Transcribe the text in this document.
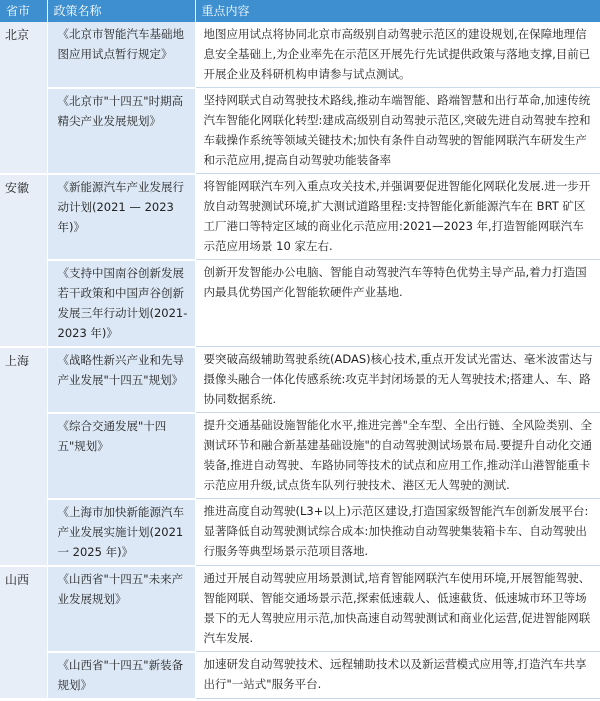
省市	政策名称	重点内容
北京	《北京市智能汽车基础地图应用试点暂行规定》	地图应用试点将协同北京市高级别自动驾驶示范区的建设规划,在保障地理信息安全基础上,为企业率先在示范区开展先行先试提供政策与落地支撑,目前已开展企业及科研机构申请参与试点测试。
	《北京市"十四五"时期高精尖产业发展规划》	坚持网联式自动驾驶技术路线,推动车端智能、路端智慧和出行革命,加速传统汽车智能化网联化转型:建成高级别自动驾驶示范区,突破先进自动驾驶车控和车载操作系统等领域关键技术;加快有条件自动驾驶的智能网联汽车研发生产和示范应用,提高自动驾驶功能装备率
安徽	《新能源汽车产业发展行动计划(2021 — 2023 年)》	将智能网联汽车列入重点攻关技术,并强调要促进智能化网联化发展.进一步开放自动驾驶测试环境,扩大测试道路里程:支持智能化新能源汽车在 BRT 矿区工厂港口等特定区域的商业化示范应用:2021—2023 年,打造智能网联汽车示范应用场景 10 家左右.
	《支持中国南谷创新发展若干政策和中国声谷创新发展三年行动计划(2021-2023 年)》	创新开发智能办公电脑、智能自动驾驶汽车等特色优势主导产品,着力打造国内最具优势国产化智能软硬件产业基地.
上海	《战略性新兴产业和先导产业发展"十四五"规划》	要突破高级辅助驾驶系统(ADAS)核心技术,重点开发试光雷达、毫米波雷达与摄像头融合一体化传感系统:攻克半封闭场景的无人驾驶技术;搭建人、车、路协同数据系统.
	《综合交通发展"十四五"规划》	提升交通基础设施智能化水平,推进完善"全车型、全出行链、全风险类别、全测试环节和融合新基建基础设施"的自动驾驶测试场景布局.要提升自动化交通装备,推进自动驾驶、车路协同等技术的试点和应用工作,推动洋山港智能重卡示范应用升级,试点货车队列行驶技术、港区无人驾驶的测试.
	《上海市加快新能源汽车产业发展实施计划(2021 一 2025 年)》	推进高度自动驾驶(L3+以上)示范区建设,打造国家级智能汽车创新发展平台:显著降低自动驾驶测试综合成本:加快推动自动驾驶集装箱卡车、自动驾驶出行服务等典型场景示范项目落地.
山西	《山西省"十四五"未来产业发展规划》	通过开展自动驾驶应用场景测试,培育智能网联汽车使用环境,开展智能驾驶、智能网联、智能交通场景示范,探索低速载人、低速截货、低速城市环卫等场景下的无人驾驶应用示范,加快高速自动驾驶测试和商业化运营,促进智能网联汽车发展.
	《山西省"十四五"新装备规划》	加速研发自动驾驶技术、远程辅助技术以及新运营模式应用等,打造汽车共享出行"一站式"服务平台.
